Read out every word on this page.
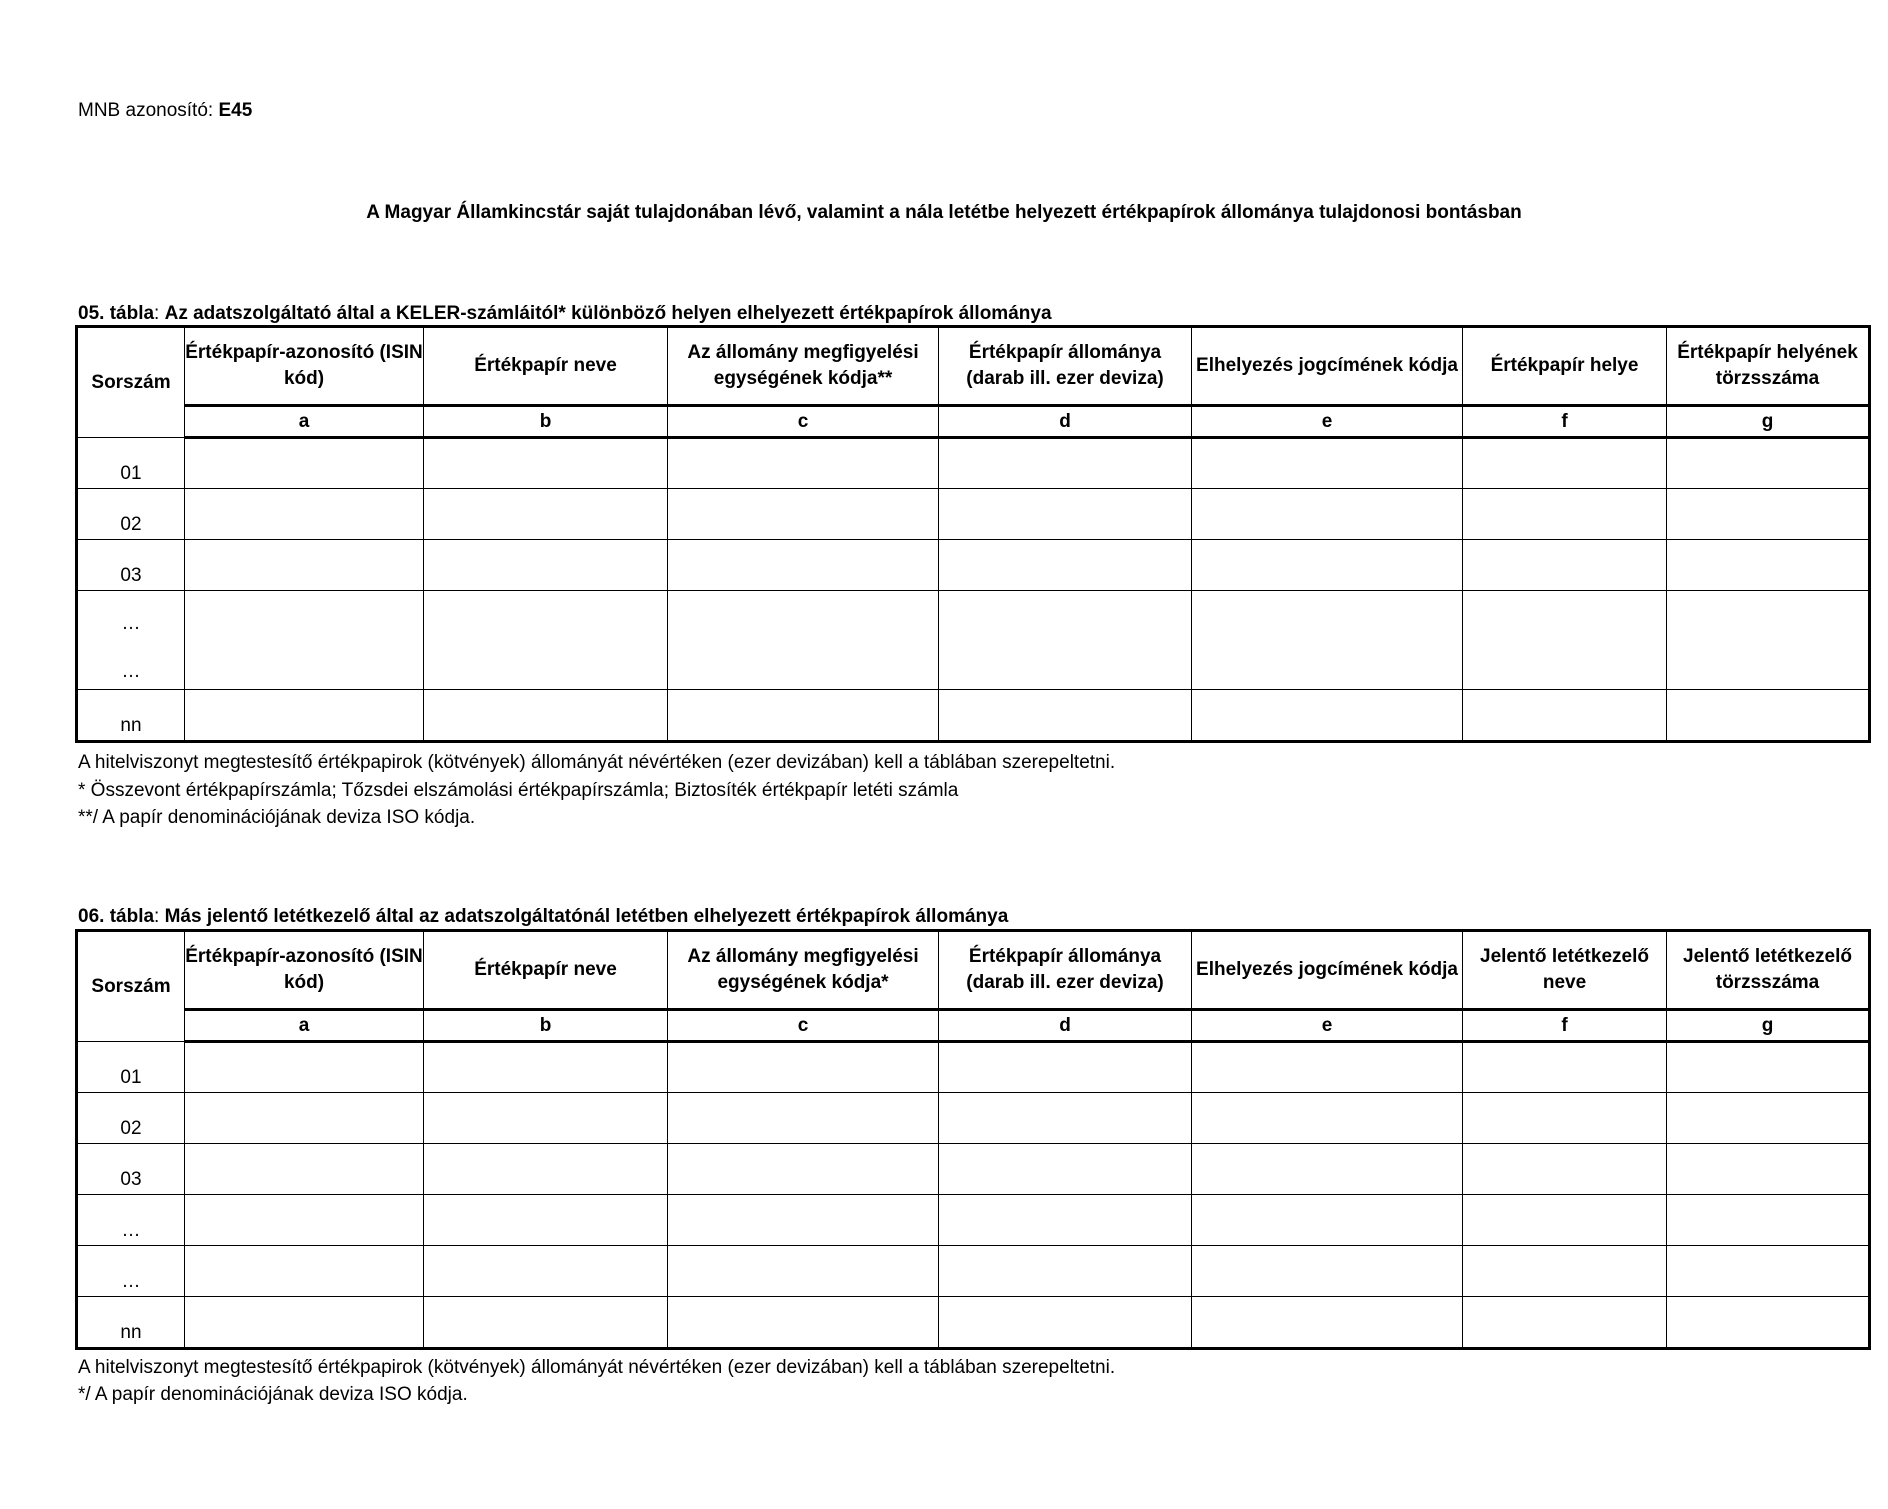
MNB azonosító: E45
A Magyar Államkincstár saját tulajdonában lévő, valamint a nála letétbe helyezett értékpapírok állománya tulajdonosi bontásban
05. tábla: Az adatszolgáltató által a KELER-számláitól* különböző helyen elhelyezett értékpapírok állománya
Sorszám	Értékpapír-azonosító (ISIN kód)	Értékpapír neve	Az állomány megfigyelési egységének kódja**	Értékpapír állománya (darab ill. ezer deviza)	Elhelyezés jogcímének kódja	Értékpapír helye	Értékpapír helyének törzsszáma
	a	b	c	d	e	f	g
01							
02							
03							

…
…							

nn							
A hitelviszonyt megtestesítő értékpapirok (kötvények) állományát névértéken (ezer devizában) kell a táblában szerepeltetni.
* Összevont értékpapírszámla; Tőzsdei elszámolási értékpapírszámla; Biztosíték értékpapír letéti számla
**/ A papír denominációjának deviza ISO kódja.
06. tábla: Más jelentő letétkezelő által az adatszolgáltatónál letétben elhelyezett értékpapírok állománya
Sorszám	Értékpapír-azonosító (ISIN kód)	Értékpapír neve	Az állomány megfigyelési egységének kódja*	Értékpapír állománya (darab ill. ezer deviza)	Elhelyezés jogcímének kódja	Jelentő letétkezelő neve	Jelentő letétkezelő törzsszáma
	a	b	c	d	e	f	g
01							
02							
03							
…							
…							
nn							
A hitelviszonyt megtestesítő értékpapirok (kötvények) állományát névértéken (ezer devizában) kell a táblában szerepeltetni.
*/ A papír denominációjának deviza ISO kódja.
